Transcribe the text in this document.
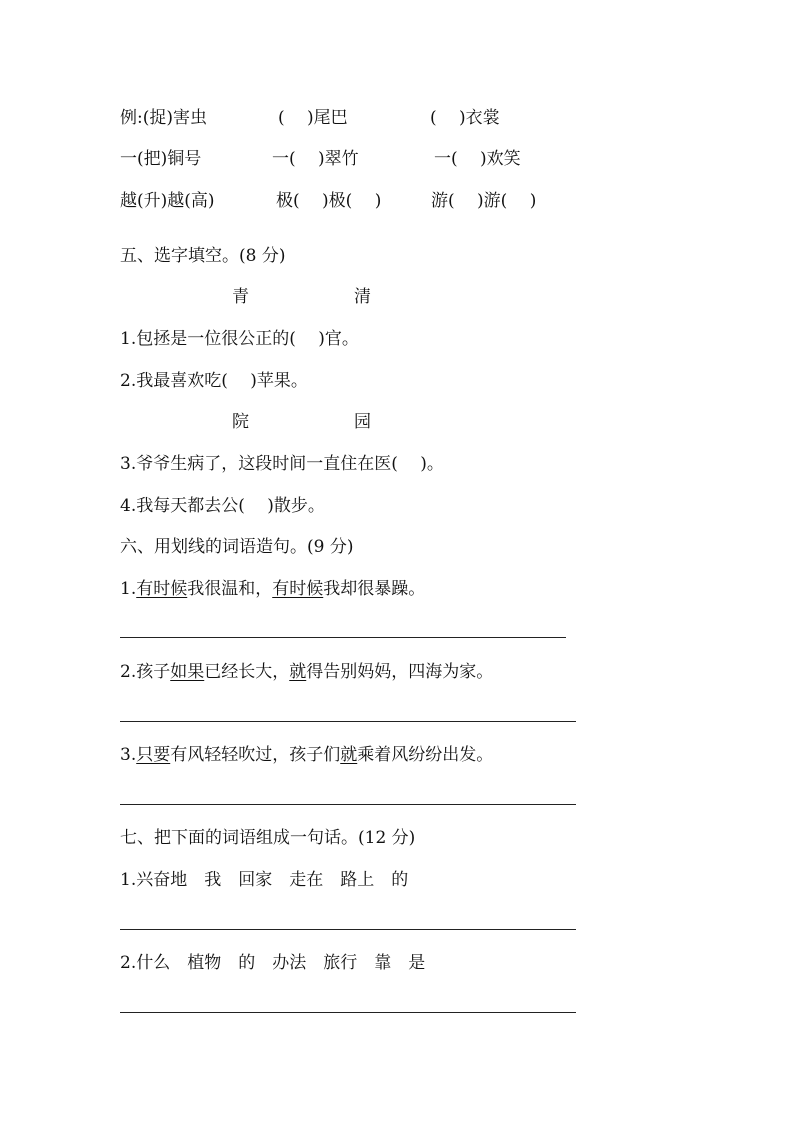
例:(捉)害虫	(　 )尾巴	(　 )衣裳
一(把)铜号	一(　 )翠竹	一(　 )欢笑
越(升)越(高)	极(　 )极(　 )	游(　 )游(　 )
五、选字填空。(8 分)
青	清
1.包拯是一位很公正的(　 )官。
2.我最喜欢吃(　 )苹果。
院	园
3.爷爷生病了，这段时间一直住在医(　 )。
4.我每天都去公(　 )散步。
六、用划线的词语造句。(9 分)
1.有时候我很温和，有时候我却很暴躁。
2.孩子如果已经长大，就得告别妈妈，四海为家。
3.只要有风轻轻吹过，孩子们就乘着风纷纷出发。
七、把下面的词语组成一句话。(12 分)
1.兴奋地　我　回家　走在　路上　的
2.什么　植物　的　办法　旅行　靠　是
